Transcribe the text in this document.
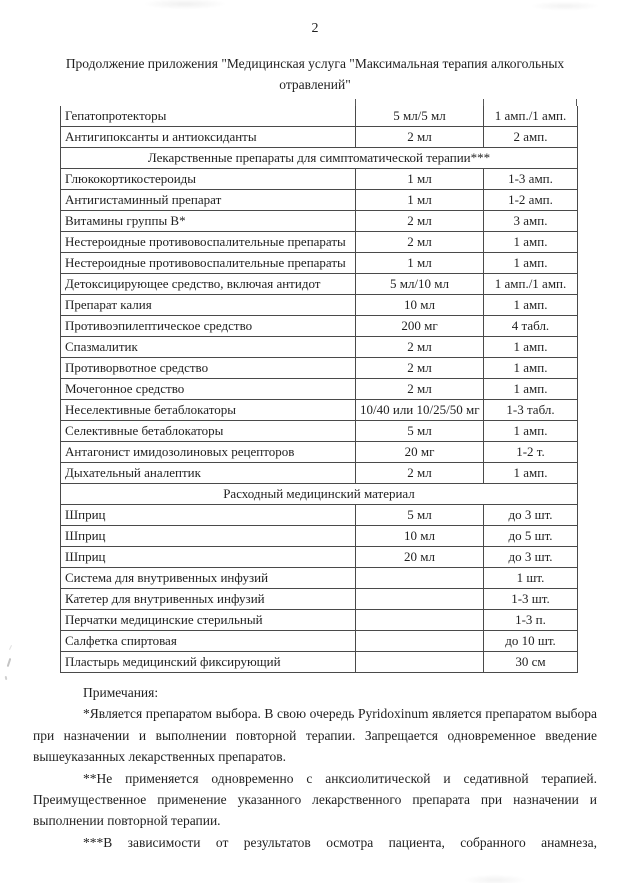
2
Продолжение приложения "Медицинская услуга "Максимальная терапия алкогольных
отравлений"
Гепатопротекторы	5 мл/5 мл	1 амп./1 амп.
Антигипоксанты и антиоксиданты	2 мл	2 амп.
Лекарственные препараты для симптоматической терапии***		
Глюкокортикостероиды	1 мл	1-3 амп.
Антигистаминный препарат	1 мл	1-2 амп.
Витамины группы В*	2 мл	3 амп.
Нестероидные противовоспалительные препараты	2 мл	1 амп.
Нестероидные противовоспалительные препараты	1 мл	1 амп.
Детоксицирующее средство, включая антидот	5 мл/10 мл	1 амп./1 амп.
Препарат калия	10 мл	1 амп.
Противоэпилептическое средство	200 мг	4 табл.
Спазмалитик	2 мл	1 амп.
Противорвотное средство	2 мл	1 амп.
Мочегонное средство	2 мл	1 амп.
Неселективные бетаблокаторы	10/40 или 10/25/50 мг	1-3 табл.
Селективные бетаблокаторы	5 мл	1 амп.
Антагонист имидозолиновых рецепторов	20 мг	1-2 т.
Дыхательный аналептик	2 мл	1 амп.
Расходный медицинский материал		
Шприц	5 мл	до 3 шт.
Шприц	10 мл	до 5 шт.
Шприц	20 мл	до 3 шт.
Система для внутривенных инфузий		1 шт.
Катетер для внутривенных инфузий		1-3 шт.
Перчатки медицинские стерильный		1-3 п.
Салфетка спиртовая		до 10 шт.
Пластырь медицинский фиксирующий		30 см

Примечания:

*Является препаратом выбора. В свою очередь Pyridoxinum является препаратом выбора при назначении и выполнении повторной терапии. Запрещается одновременное введение вышеуказанных лекарственных препаратов.

**Не применяется одновременно с анксиолитической и седативной терапией. Преимущественное применение указанного лекарственного препарата при назначении и выполнении повторной терапии.

***В зависимости от результатов осмотра пациента, собранного анамнеза,
